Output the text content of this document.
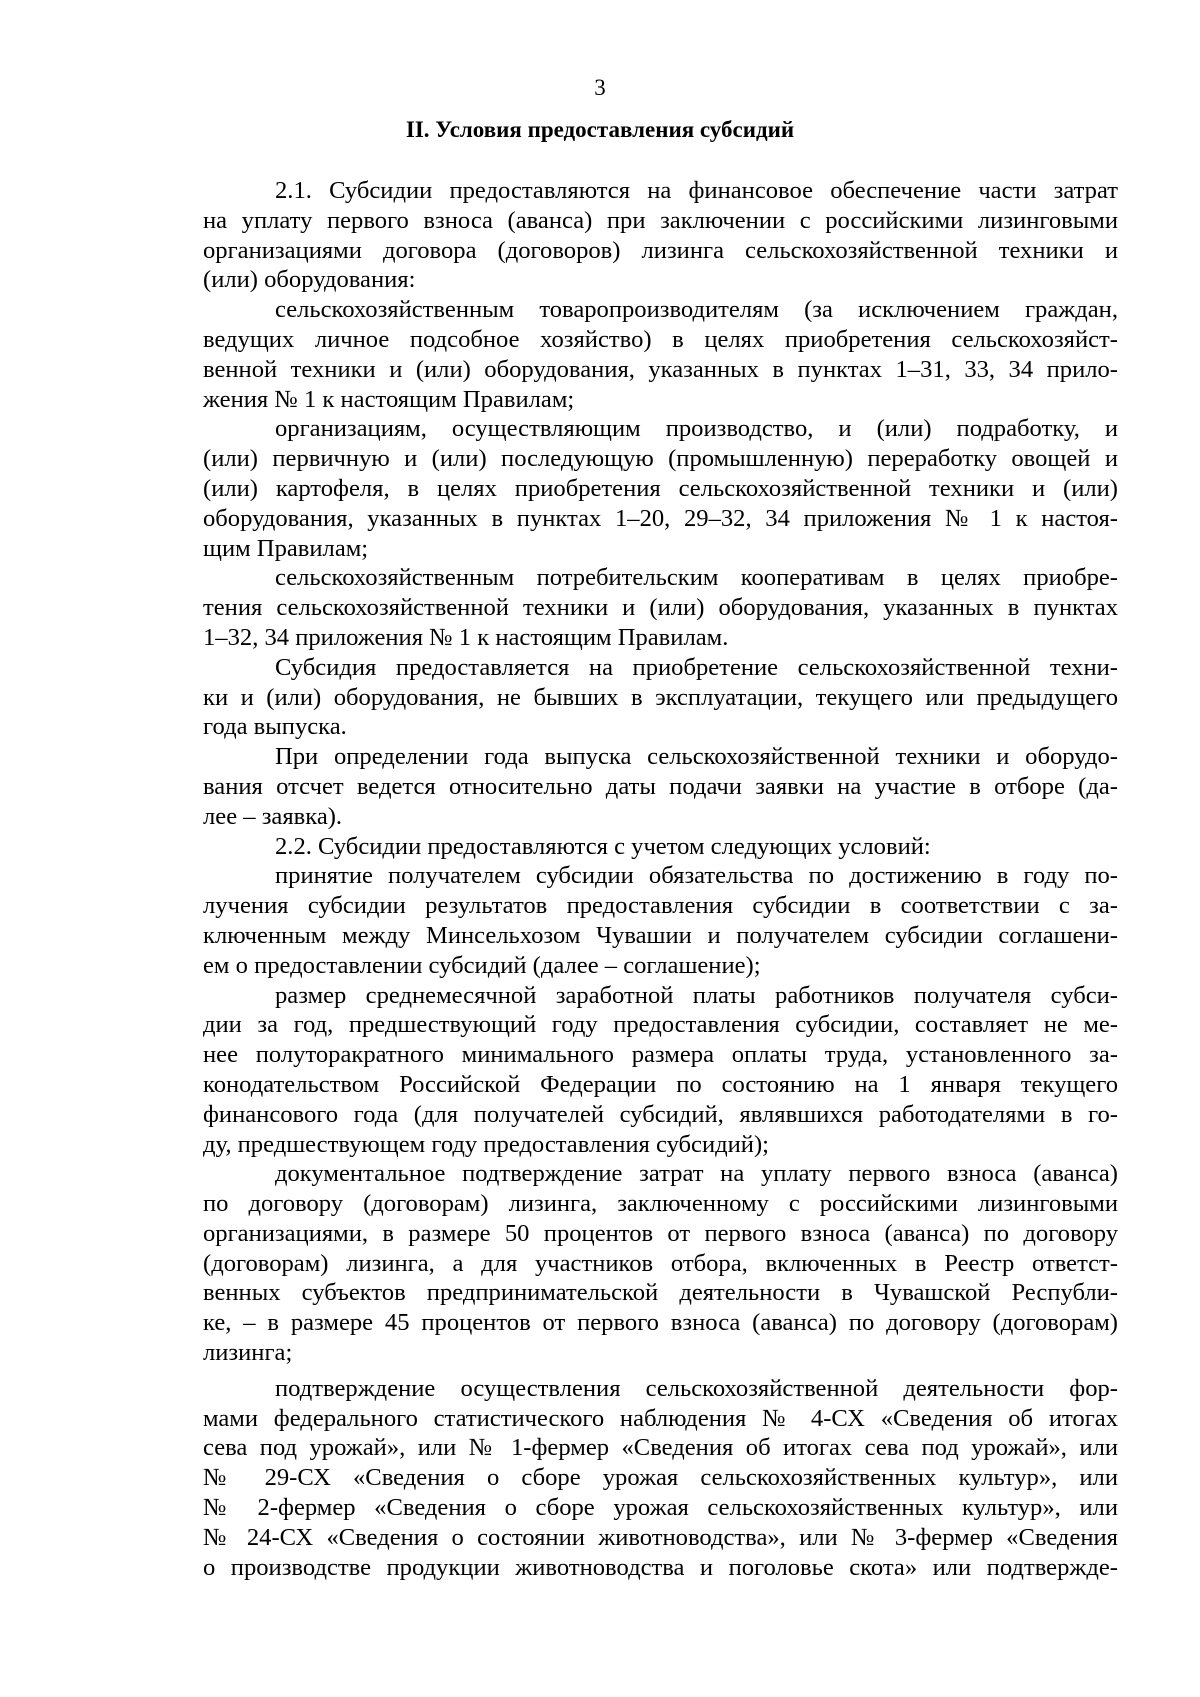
3
II. Условия предоставления субсидий
2.1. Субсидии предоставляются на финансовое обеспечение части затрат
на уплату первого взноса (аванса) при заключении с российскими лизинговыми
организациями договора (договоров) лизинга сельскохозяйственной техники и
(или) оборудования:
сельскохозяйственным товаропроизводителям (за исключением граждан,
ведущих личное подсобное хозяйство) в целях приобретения сельскохозяйст-
венной техники и (или) оборудования, указанных в пунктах 1–31, 33, 34 прило-
жения № 1 к настоящим Правилам;
организациям, осуществляющим производство, и (или) подработку, и
(или) первичную и (или) последующую (промышленную) переработку овощей и
(или) картофеля, в целях приобретения сельскохозяйственной техники и (или)
оборудования, указанных в пунктах 1–20, 29–32, 34 приложения № 1 к настоя-
щим Правилам;
сельскохозяйственным потребительским кооперативам в целях приобре-
тения сельскохозяйственной техники и (или) оборудования, указанных в пунктах
1–32, 34 приложения № 1 к настоящим Правилам.
Субсидия предоставляется на приобретение сельскохозяйственной техни-
ки и (или) оборудования, не бывших в эксплуатации, текущего или предыдущего
года выпуска.
При определении года выпуска сельскохозяйственной техники и оборудо-
вания отсчет ведется относительно даты подачи заявки на участие в отборе (да-
лее – заявка).
2.2. Субсидии предоставляются с учетом следующих условий:
принятие получателем субсидии обязательства по достижению в году по-
лучения субсидии результатов предоставления субсидии в соответствии с за-
ключенным между Минсельхозом Чувашии и получателем субсидии соглашени-
ем о предоставлении субсидий (далее – соглашение);
размер среднемесячной заработной платы работников получателя субси-
дии за год, предшествующий году предоставления субсидии, составляет не ме-
нее полуторакратного минимального размера оплаты труда, установленного за-
конодательством Российской Федерации по состоянию на 1 января текущего
финансового года (для получателей субсидий, являвшихся работодателями в го-
ду, предшествующем году предоставления субсидий);
документальное подтверждение затрат на уплату первого взноса (аванса)
по договору (договорам) лизинга, заключенному с российскими лизинговыми
организациями, в размере 50 процентов от первого взноса (аванса) по договору
(договорам) лизинга, а для участников отбора, включенных в Реестр ответст-
венных субъектов предпринимательской деятельности в Чувашской Республи-
ке, – в размере 45 процентов от первого взноса (аванса) по договору (договорам)
лизинга;
подтверждение осуществления сельскохозяйственной деятельности фор-
мами федерального статистического наблюдения № 4-СХ «Сведения об итогах
сева под урожай», или № 1-фермер «Сведения об итогах сева под урожай», или
№ 29-СХ «Сведения о сборе урожая сельскохозяйственных культур», или
№ 2-фермер «Сведения о сборе урожая сельскохозяйственных культур», или
№ 24-СХ «Сведения о состоянии животноводства», или № 3-фермер «Сведения
о производстве продукции животноводства и поголовье скота» или подтвержде-
